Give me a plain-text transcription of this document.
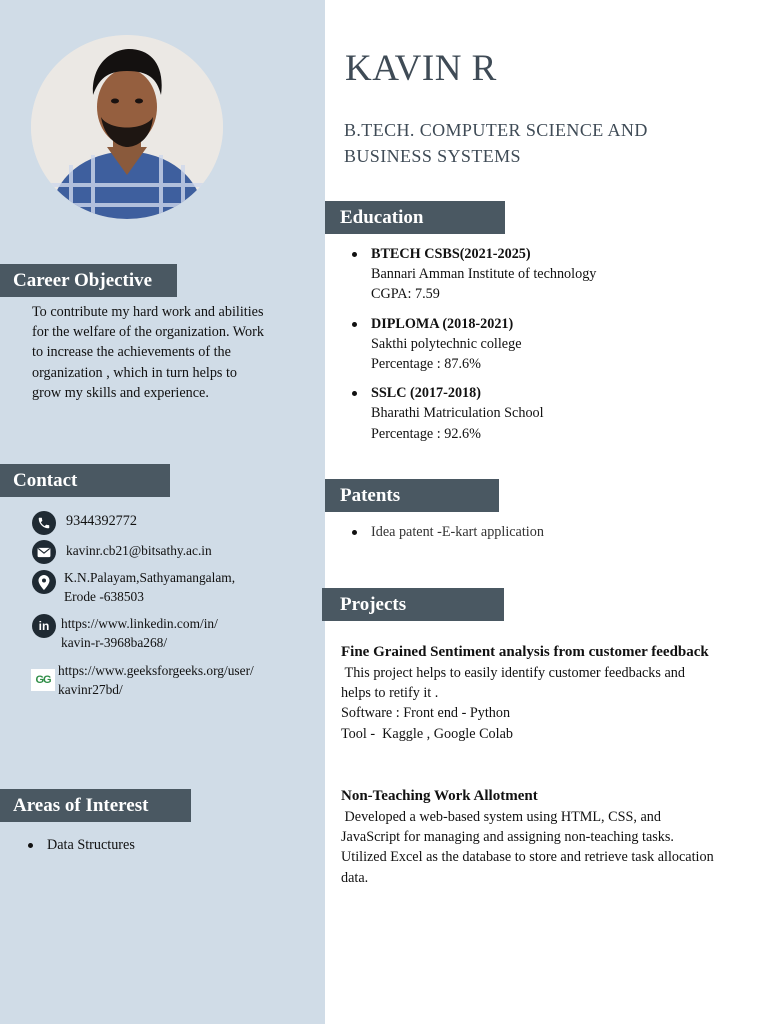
Career Objective
To contribute my hard work and abilities for the welfare of the organization. Work to increase the achievements of the organization , which in turn helps to grow my skills and experience.
Contact
9344392772
kavinr.cb21@bitsathy.ac.in
K.N.Palayam,Sathyamangalam,
Erode -638503
in https://www.linkedin.com/in/
kavin-r-3968ba268/
GG
https://www.geeksforgeeks.org/user/
kavinr27bd/
Areas of Interest
Data Structures
KAVIN R
B.TECH. COMPUTER SCIENCE AND BUSINESS SYSTEMS
Education
BTECH CSBS(2021-2025)
Bannari Amman Institute of technology
CGPA: 7.59
DIPLOMA (2018-2021)
Sakthi polytechnic college
Percentage : 87.6%
SSLC (2017-2018)
Bharathi Matriculation School
Percentage : 92.6%
Patents
Idea patent -E-kart application
Projects
Fine Grained Sentiment analysis from customer feedback
This project helps to easily identify customer feedbacks and helps to retify it .
Software : Front end - Python
Tool -  Kaggle , Google Colab
Non-Teaching Work Allotment
Developed a web-based system using HTML, CSS, and JavaScript for managing and assigning non-teaching tasks. Utilized Excel as the database to store and retrieve task allocation data.
